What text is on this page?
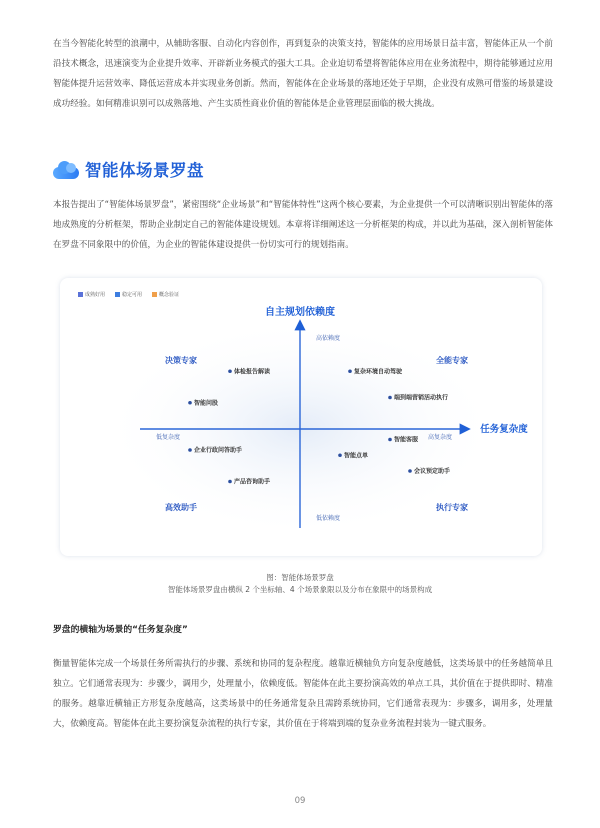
在当今智能化转型的浪潮中，从辅助客服、自动化内容创作，再到复杂的决策支持，智能体的应用场景日益丰富，智能体正从一个前沿技术概念，迅速演变为企业提升效率、开辟新业务模式的强大工具。企业迫切希望将智能体应用在业务流程中，期待能够通过应用智能体提升运营效率、降低运营成本并实现业务创新。然而，智能体在企业场景的落地还处于早期，企业没有成熟可借鉴的场景建设成功经验。如何精准识别可以成熟落地、产生实质性商业价值的智能体是企业管理层面临的极大挑战。

智能体场景罗盘

本报告提出了“智能体场景罗盘”，紧密围绕“企业场景”和“智能体特性”这两个核心要素，为企业提供一个可以清晰识别出智能体的落地成熟度的分析框架，帮助企业制定自己的智能体建设规划。本章将详细阐述这一分析框架的构成，并以此为基础，深入剖析智能体在罗盘不同象限中的价值，为企业的智能体建设提供一份切实可行的规划指南。

成熟好用	稳定可用	概念验证
自主规划依赖度
高依赖度
低依赖度
任务复杂度
低复杂度	高复杂度
决策专家	全能专家
高效助手	执行专家
体检报告解读
智能问股
复杂环境自动驾驶
端到端营销活动执行
智能客服
企业行政问答助手
智能点单
会议预定助手
产品咨询助手
图：智能体场景罗盘
智能体场景罗盘由横纵 2 个坐标轴、4 个场景象限以及分布在象限中的场景构成
罗盘的横轴为场景的“任务复杂度”

衡量智能体完成一个场景任务所需执行的步骤、系统和协同的复杂程度。越靠近横轴负方向复杂度越低，这类场景中的任务越简单且独立。它们通常表现为：步骤少，调用少，处理量小，依赖度低。智能体在此主要扮演高效的单点工具，其价值在于提供即时、精准的服务。越靠近横轴正方形复杂度越高，这类场景中的任务通常复杂且需跨系统协同，它们通常表现为：步骤多，调用多，处理量大，依赖度高。智能体在此主要扮演复杂流程的执行专家，其价值在于将端到端的复杂业务流程封装为一键式服务。

09
